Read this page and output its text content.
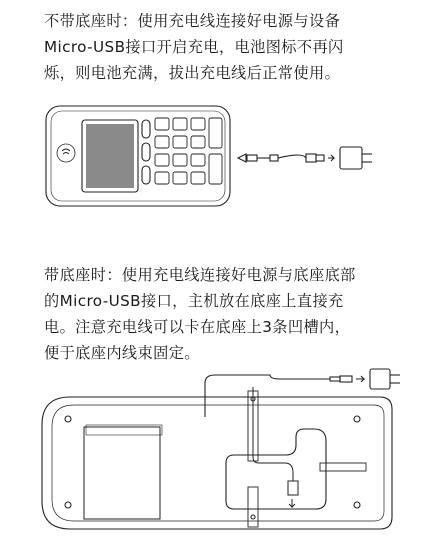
不带底座时：使用充电线连接好电源与设备

Micro-USB接口开启充电，电池图标不再闪

烁，则电池充满，拔出充电线后正常使用。

带底座时：使用充电线连接好电源与底座底部

的Micro-USB接口，主机放在底座上直接充

电。注意充电线可以卡在底座上3条凹槽内，

便于底座内线束固定。
